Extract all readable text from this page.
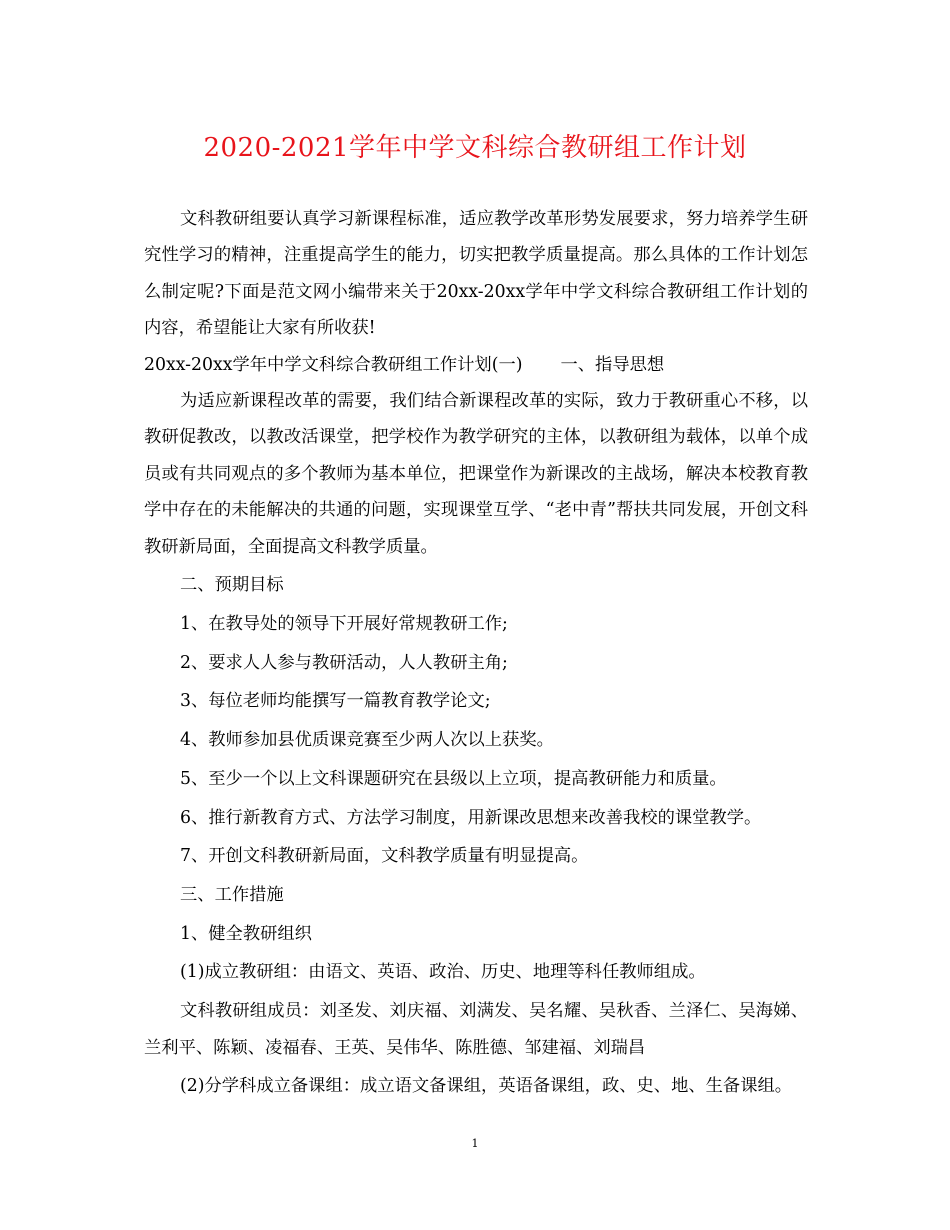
2020-2021学年中学文科综合教研组工作计划

文科教研组要认真学习新课程标准，适应教学改革形势发展要求，努力培养学生研究性学习的精神，注重提高学生的能力，切实把教学质量提高。那么具体的工作计划怎么制定呢?下面是范文网小编带来关于20xx-20xx学年中学文科综合教研组工作计划的内容，希望能让大家有所收获!

20xx-20xx学年中学文科综合教研组工作计划(一) 一、指导思想

为适应新课程改革的需要，我们结合新课程改革的实际，致力于教研重心不移，以教研促教改，以教改活课堂，把学校作为教学研究的主体，以教研组为载体，以单个成员或有共同观点的多个教师为基本单位，把课堂作为新课改的主战场，解决本校教育教学中存在的未能解决的共通的问题，实现课堂互学、“老中青”帮扶共同发展，开创文科教研新局面，全面提高文科教学质量。

二、预期目标

1、在教导处的领导下开展好常规教研工作;

2、要求人人参与教研活动，人人教研主角;

3、每位老师均能撰写一篇教育教学论文;

4、教师参加县优质课竞赛至少两人次以上获奖。

5、至少一个以上文科课题研究在县级以上立项，提高教研能力和质量。

6、推行新教育方式、方法学习制度，用新课改思想来改善我校的课堂教学。

7、开创文科教研新局面，文科教学质量有明显提高。

三、工作措施

1、健全教研组织

(1)成立教研组：由语文、英语、政治、历史、地理等科任教师组成。

文科教研组成员：刘圣发、刘庆福、刘满发、吴名耀、吴秋香、兰泽仁、吴海娣、兰利平、陈颖、凌福春、王英、吴伟华、陈胜德、邹建福、刘瑞昌

(2)分学科成立备课组：成立语文备课组，英语备课组，政、史、地、生备课组。

1
